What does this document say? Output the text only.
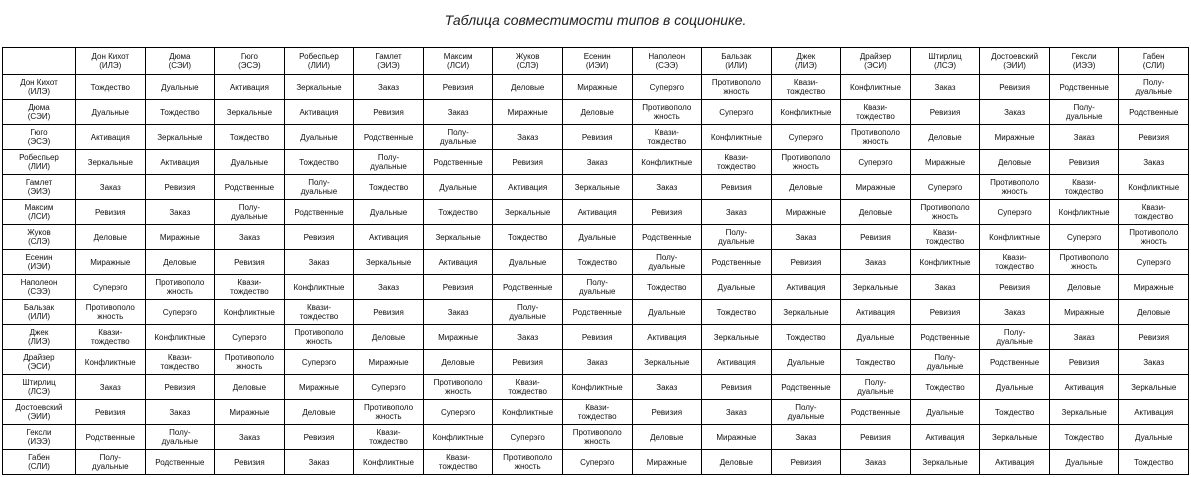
Таблица совместимости типов в соционике.
	Дон Кихот
(ИЛЭ)	Дюма
(СЭИ)	Гюго
(ЭСЭ)	Робеспьер
(ЛИИ)	Гамлет
(ЭИЭ)	Максим
(ЛСИ)	Жуков
(СЛЭ)	Есенин
(ИЭИ)	Наполеон
(СЭЭ)	Бальзак
(ИЛИ)	Джек
(ЛИЭ)	Драйзер
(ЭСИ)	Штирлиц
(ЛСЭ)	Достоевский
(ЭИИ)	Гексли
(ИЭЭ)	Габен
(СЛИ)
Дон Кихот
(ИЛЭ)	Тождество	Дуальные	Активация	Зеркальные	Заказ	Ревизия	Деловые	Миражные	Суперэго	Противополо
жность	Квази-
тождество	Конфликтные	Заказ	Ревизия	Родственные	Полу-
дуальные
Дюма
(СЭИ)	Дуальные	Тождество	Зеркальные	Активация	Ревизия	Заказ	Миражные	Деловые	Противополо
жность	Суперэго	Конфликтные	Квази-
тождество	Ревизия	Заказ	Полу-
дуальные	Родственные
Гюго
(ЭСЭ)	Активация	Зеркальные	Тождество	Дуальные	Родственные	Полу-
дуальные	Заказ	Ревизия	Квази-
тождество	Конфликтные	Суперэго	Противополо
жность	Деловые	Миражные	Заказ	Ревизия
Робеспьер
(ЛИИ)	Зеркальные	Активация	Дуальные	Тождество	Полу-
дуальные	Родственные	Ревизия	Заказ	Конфликтные	Квази-
тождество	Противополо
жность	Суперэго	Миражные	Деловые	Ревизия	Заказ
Гамлет
(ЭИЭ)	Заказ	Ревизия	Родственные	Полу-
дуальные	Тождество	Дуальные	Активация	Зеркальные	Заказ	Ревизия	Деловые	Миражные	Суперэго	Противополо
жность	Квази-
тождество	Конфликтные
Максим
(ЛСИ)	Ревизия	Заказ	Полу-
дуальные	Родственные	Дуальные	Тождество	Зеркальные	Активация	Ревизия	Заказ	Миражные	Деловые	Противополо
жность	Суперэго	Конфликтные	Квази-
тождество
Жуков
(СЛЭ)	Деловые	Миражные	Заказ	Ревизия	Активация	Зеркальные	Тождество	Дуальные	Родственные	Полу-
дуальные	Заказ	Ревизия	Квази-
тождество	Конфликтные	Суперэго	Противополо
жность
Есенин
(ИЭИ)	Миражные	Деловые	Ревизия	Заказ	Зеркальные	Активация	Дуальные	Тождество	Полу-
дуальные	Родственные	Ревизия	Заказ	Конфликтные	Квази-
тождество	Противополо
жность	Суперэго
Наполеон
(СЭЭ)	Суперэго	Противополо
жность	Квази-
тождество	Конфликтные	Заказ	Ревизия	Родственные	Полу-
дуальные	Тождество	Дуальные	Активация	Зеркальные	Заказ	Ревизия	Деловые	Миражные
Бальзак
(ИЛИ)	Противополо
жность	Суперэго	Конфликтные	Квази-
тождество	Ревизия	Заказ	Полу-
дуальные	Родственные	Дуальные	Тождество	Зеркальные	Активация	Ревизия	Заказ	Миражные	Деловые
Джек
(ЛИЭ)	Квази-
тождество	Конфликтные	Суперэго	Противополо
жность	Деловые	Миражные	Заказ	Ревизия	Активация	Зеркальные	Тождество	Дуальные	Родственные	Полу-
дуальные	Заказ	Ревизия
Драйзер
(ЭСИ)	Конфликтные	Квази-
тождество	Противополо
жность	Суперэго	Миражные	Деловые	Ревизия	Заказ	Зеркальные	Активация	Дуальные	Тождество	Полу-
дуальные	Родственные	Ревизия	Заказ
Штирлиц
(ЛСЭ)	Заказ	Ревизия	Деловые	Миражные	Суперэго	Противополо
жность	Квази-
тождество	Конфликтные	Заказ	Ревизия	Родственные	Полу-
дуальные	Тождество	Дуальные	Активация	Зеркальные
Достоевский
(ЭИИ)	Ревизия	Заказ	Миражные	Деловые	Противополо
жность	Суперэго	Конфликтные	Квази-
тождество	Ревизия	Заказ	Полу-
дуальные	Родственные	Дуальные	Тождество	Зеркальные	Активация
Гексли
(ИЭЭ)	Родственные	Полу-
дуальные	Заказ	Ревизия	Квази-
тождество	Конфликтные	Суперэго	Противополо
жность	Деловые	Миражные	Заказ	Ревизия	Активация	Зеркальные	Тождество	Дуальные
Габен
(СЛИ)	Полу-
дуальные	Родственные	Ревизия	Заказ	Конфликтные	Квази-
тождество	Противополо
жность	Суперэго	Миражные	Деловые	Ревизия	Заказ	Зеркальные	Активация	Дуальные	Тождество
